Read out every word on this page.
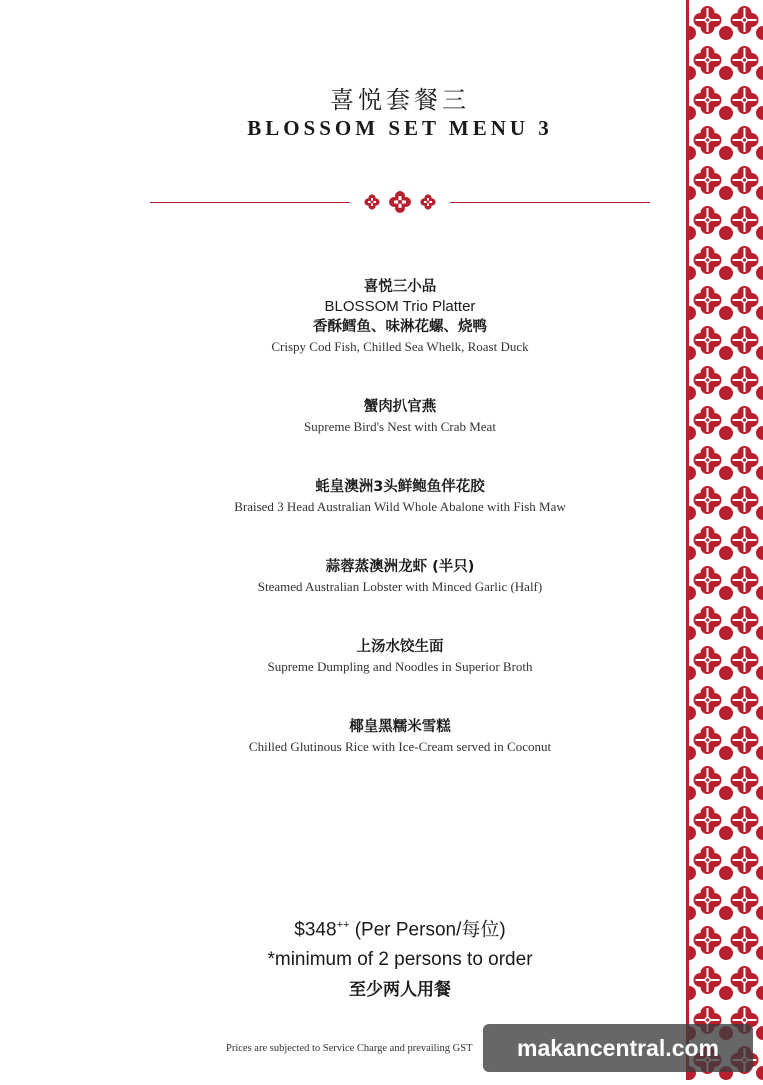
喜悦套餐三
BLOSSOM SET MENU 3
喜悦三小品
BLOSSOM Trio Platter
香酥鳕鱼、味淋花螺、烧鸭
Crispy Cod Fish, Chilled Sea Whelk, Roast Duck
蟹肉扒官燕
Supreme Bird's Nest with Crab Meat
蚝皇澳洲3头鲜鲍鱼伴花胶
Braised 3 Head Australian Wild Whole Abalone with Fish Maw
蒜蓉蒸澳洲龙虾 (半只)
Steamed Australian Lobster with Minced Garlic (Half)
上汤水饺生面
Supreme Dumpling and Noodles in Superior Broth
椰皇黑糯米雪糕
Chilled Glutinous Rice with Ice-Cream served in Coconut
$348++ (Per Person/每位)
*minimum of 2 persons to order
至少两人用餐
Prices are subjected to Service Charge and prevailing GST	makancentral.com
